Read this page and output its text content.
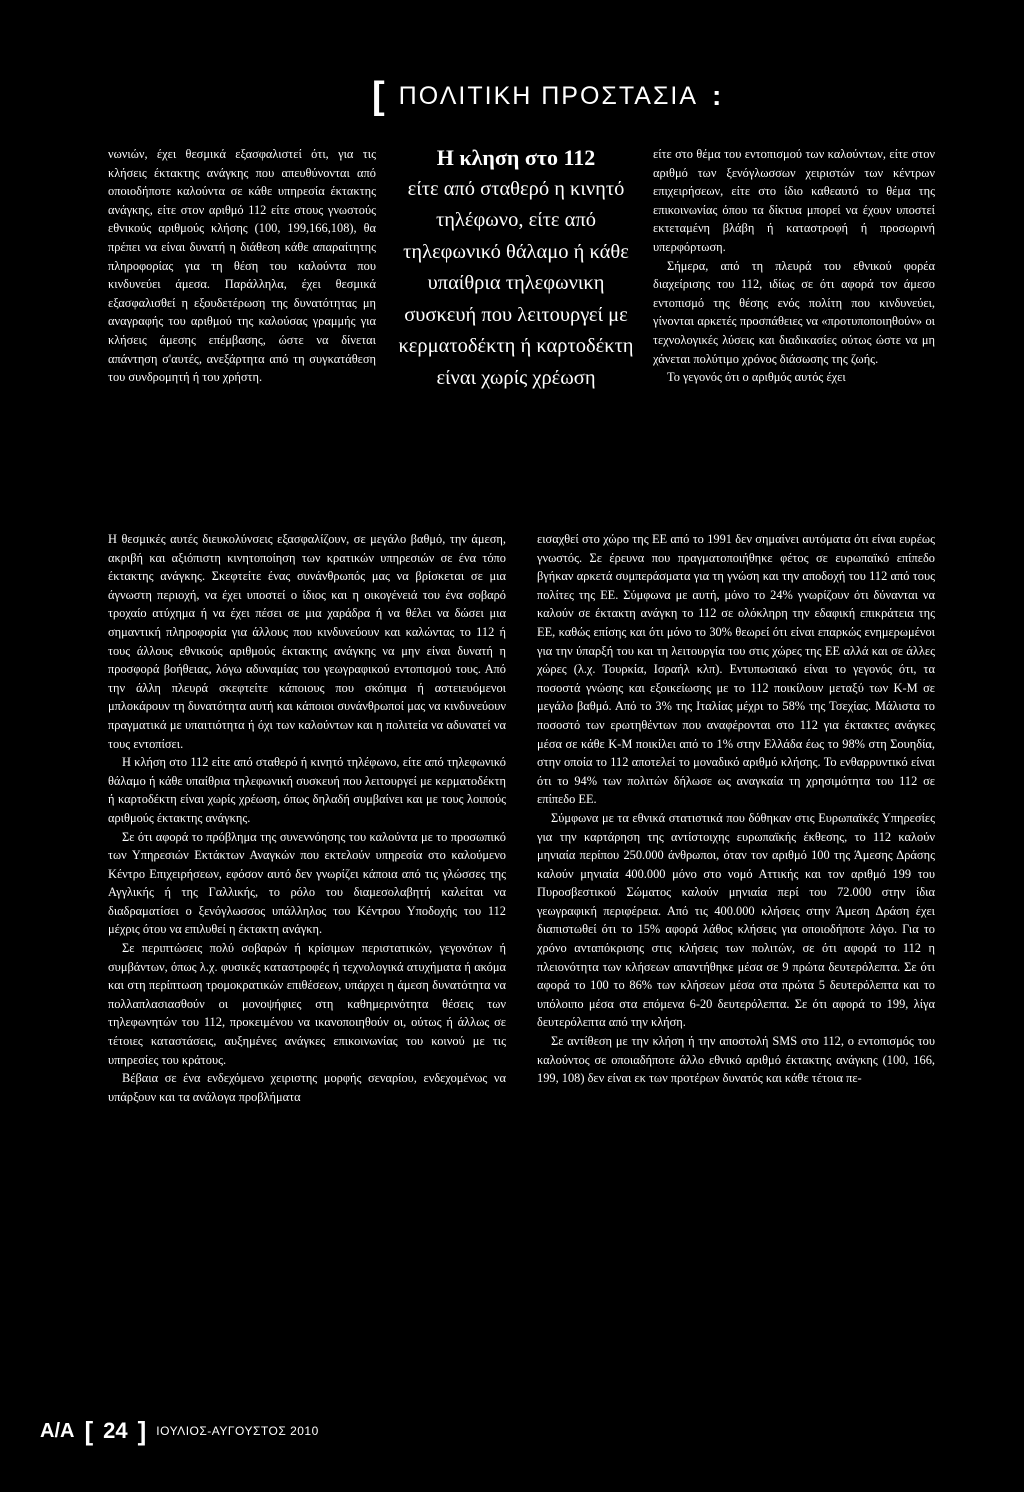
[ ΠΟΛΙΤΙΚΗ ΠΡΟΣΤΑΣΙΑ :

νωνιών, έχει θεσμικά εξασφαλιστεί ότι, για τις κλήσεις έκτακτης ανάγκης που απευθύνονται από οποιοδήποτε καλούντα σε κάθε υπηρεσία έκτακτης ανάγκης, είτε στον αριθμό 112 είτε στους γνωστούς εθνικούς αριθμούς κλήσης (100, 199,166,108), θα πρέπει να είναι δυνατή η διάθεση κάθε απαραίτητης πληροφορίας για τη θέση του καλούντα που κινδυνεύει άμεσα. Παράλληλα, έχει θεσμικά εξασφαλισθεί η εξουδετέρωση της δυνατότητας μη αναγραφής του αριθμού της καλούσας γραμμής για κλήσεις άμεσης επέμβασης, ώστε να δίνεται απάντηση σ'αυτές, ανεξάρτητα από τη συγκατάθεση του συνδρομητή ή του χρήστη.

Η κληση στο 112
είτε από σταθερό η κινητό τηλέφωνο, είτε από τηλεφωνικό θάλαμο ή κάθε υπαίθρια τηλεφωνικη συσκευή που λειτουργεί με κερματοδέκτη ή καρτοδέκτη είναι χωρίς χρέωση

Η θεσμικές αυτές διευκολύνσεις εξασφαλίζουν, σε μεγάλο βαθμό, την άμεση, ακριβή και αξιόπιστη κινητοποίηση των κρατικών υπηρεσιών σε ένα τόπο έκτακτης ανάγκης. Σκεφτείτε ένας συνάνθρωπός μας να βρίσκεται σε μια άγνωστη περιοχή, να έχει υποστεί ο ίδιος και η οικογένειά του ένα σοβαρό τροχαίο ατύχημα ή να έχει πέσει σε μια χαράδρα ή να θέλει να δώσει μια σημαντική πληροφορία για άλλους που κινδυνεύουν και καλώντας το 112 ή τους άλλους εθνικούς αριθμούς έκτακτης ανάγκης να μην είναι δυνατή η προσφορά βοήθειας, λόγω αδυναμίας του γεωγραφικού εντοπισμού τους. Από την άλλη πλευρά σκεφτείτε κάποιους που σκόπιμα ή αστειευόμενοι μπλοκάρουν τη δυνατότητα αυτή και κάποιοι συνάνθρωποί μας να κινδυνεύουν πραγματικά με υπαιτιότητα ή όχι των καλούντων και η πολιτεία να αδυνατεί να τους εντοπίσει.

Η κλήση στο 112 είτε από σταθερό ή κινητό τηλέφωνο, είτε από τηλεφωνικό θάλαμο ή κάθε υπαίθρια τηλεφωνική συσκευή που λειτουργεί με κερματοδέκτη ή καρτοδέκτη είναι χωρίς χρέωση, όπως δηλαδή συμβαίνει και με τους λοιπούς αριθμούς έκτακτης ανάγκης.

Σε ότι αφορά το πρόβλημα της συνεννόησης του καλούντα με το προσωπικό των Υπηρεσιών Εκτάκτων Αναγκών που εκτελούν υπηρεσία στο καλούμενο Κέντρο Επιχειρήσεων, εφόσον αυτό δεν γνωρίζει κάποια από τις γλώσσες της Αγγλικής ή της Γαλλικής, το ρόλο του διαμεσολαβητή καλείται να διαδραματίσει ο ξενόγλωσσος υπάλληλος του Κέντρου Υποδοχής του 112 μέχρις ότου να επιλυθεί η έκτακτη ανάγκη.

Σε περιπτώσεις πολύ σοβαρών ή κρίσιμων περιστατικών, γεγονότων ή συμβάντων, όπως λ.χ. φυσικές καταστροφές ή τεχνολογικά ατυχήματα ή ακόμα και στη περίπτωση τρομοκρατικών επιθέσεων, υπάρχει η άμεση δυνατότητα να πολλαπλασιασθούν οι μονοψήφιες στη καθημερινότητα θέσεις των τηλεφωνητών του 112, προκειμένου να ικανοποιηθούν οι, ούτως ή άλλως σε τέτοιες καταστάσεις, αυξημένες ανάγκες επικοινωνίας του κοινού με τις υπηρεσίες του κράτους.

Βέβαια σε ένα ενδεχόμενο χειριστης μορφής σεναρίου, ενδεχομένως να υπάρξουν και τα ανάλογα προβλήματα

είτε στο θέμα του εντοπισμού των καλούντων, είτε στον αριθμό των ξενόγλωσσων χειριστών των κέντρων επιχειρήσεων, είτε στο ίδιο καθεαυτό το θέμα της επικοινωνίας όπου τα δίκτυα μπορεί να έχουν υποστεί εκτεταμένη βλάβη ή καταστροφή ή προσωρινή υπερφόρτωση.

Σήμερα, από τη πλευρά του εθνικού φορέα διαχείρισης του 112, ιδίως σε ότι αφορά τον άμεσο εντοπισμό της θέσης ενός πολίτη που κινδυνεύει, γίνονται αρκετές προσπάθειες να «προτυποποιηθούν» οι τεχνολογικές λύσεις και διαδικασίες ούτως ώστε να μη χάνεται πολύτιμο χρόνος διάσωσης της ζωής.

Το γεγονός ότι ο αριθμός αυτός έχει

εισαχθεί στο χώρο της ΕΕ από το 1991 δεν σημαίνει αυτόματα ότι είναι ευρέως γνωστός. Σε έρευνα που πραγματοποιήθηκε φέτος σε ευρωπαϊκό επίπεδο βγήκαν αρκετά συμπεράσματα για τη γνώση και την αποδοχή του 112 από τους πολίτες της ΕΕ. Σύμφωνα με αυτή, μόνο το 24% γνωρίζουν ότι δύνανται να καλούν σε έκτακτη ανάγκη το 112 σε ολόκληρη την εδαφική επικράτεια της ΕΕ, καθώς επίσης και ότι μόνο το 30% θεωρεί ότι είναι επαρκώς ενημερωμένοι για την ύπαρξή του και τη λειτουργία του στις χώρες της ΕΕ αλλά και σε άλλες χώρες (λ.χ. Τουρκία, Ισραήλ κλπ). Εντυπωσιακό είναι το γεγονός ότι, τα ποσοστά γνώσης και εξοικείωσης με το 112 ποικίλουν μεταξύ των Κ-Μ σε μεγάλο βαθμό. Από το 3% της Ιταλίας μέχρι το 58% της Τσεχίας. Μάλιστα το ποσοστό των ερωτηθέντων που αναφέρονται στο 112 για έκτακτες ανάγκες μέσα σε κάθε Κ-Μ ποικίλει από το 1% στην Ελλάδα έως το 98% στη Σουηδία, στην οποία το 112 αποτελεί το μοναδικό αριθμό κλήσης. Το ενθαρρυντικό είναι ότι το 94% των πολιτών δήλωσε ως αναγκαία τη χρησιμότητα του 112 σε επίπεδο ΕΕ.

Σύμφωνα με τα εθνικά στατιστικά που δόθηκαν στις Ευρωπαϊκές Υπηρεσίες για την καρτάρηση της αντίστοιχης ευρωπαϊκής έκθεσης, το 112 καλούν μηνιαία περίπου 250.000 άνθρωποι, όταν τον αριθμό 100 της Άμεσης Δράσης καλούν μηνιαία 400.000 μόνο στο νομό Αττικής και τον αριθμό 199 του Πυροσβεστικού Σώματος καλούν μηνιαία περί του 72.000 στην ίδια γεωγραφική περιφέρεια. Από τις 400.000 κλήσεις στην Άμεση Δράση έχει διαπιστωθεί ότι το 15% αφορά λάθος κλήσεις για οποιοδήποτε λόγο. Για το χρόνο ανταπόκρισης στις κλήσεις των πολιτών, σε ότι αφορά το 112 η πλειονότητα των κλήσεων απαντήθηκε μέσα σε 9 πρώτα δευτερόλεπτα. Σε ότι αφορά το 100 το 86% των κλήσεων μέσα στα πρώτα 5 δευτερόλεπτα και το υπόλοιπο μέσα στα επόμενα 6-20 δευτερόλεπτα. Σε ότι αφορά το 199, λίγα δευτερόλεπτα από την κλήση.

Σε αντίθεση με την κλήση ή την αποστολή SMS στο 112, ο εντοπισμός του καλούντος σε οποιαδήποτε άλλο εθνικό αριθμό έκτακτης ανάγκης (100, 166, 199, 108) δεν είναι εκ των προτέρων δυνατός και κάθε τέτοια πε-

Α/Α [ 24 ] ΙΟΥΛΙΟΣ-ΑΥΓΟΥΣΤΟΣ 2010
